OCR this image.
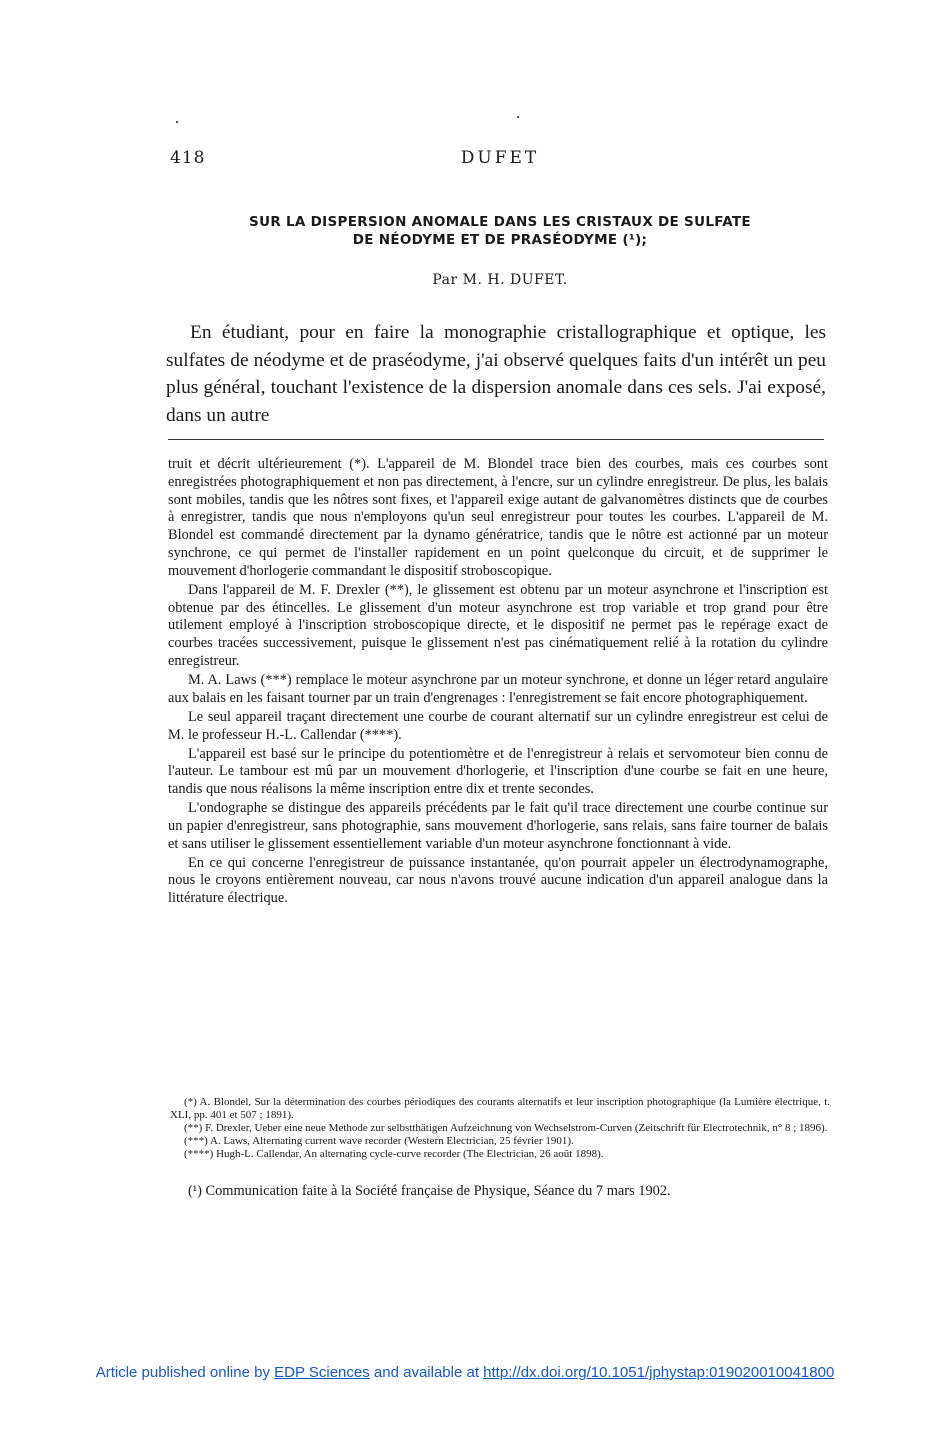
418	DUFET
SUR LA DISPERSION ANOMALE DANS LES CRISTAUX DE SULFATE
DE NÉODYME ET DE PRASÉODYME (¹);
Par M. H. DUFET.

En étudiant, pour en faire la monographie cristallographique et optique, les sulfates de néodyme et de praséodyme, j'ai observé quelques faits d'un intérêt un peu plus général, touchant l'existence de la dispersion anomale dans ces sels. J'ai exposé, dans un autre

truit et décrit ultérieurement (*). L'appareil de M. Blondel trace bien des courbes, mais ces courbes sont enregistrées photographiquement et non pas directement, à l'encre, sur un cylindre enregistreur. De plus, les balais sont mobiles, tandis que les nôtres sont fixes, et l'appareil exige autant de galvanomètres distincts que de courbes à enregistrer, tandis que nous n'employons qu'un seul enregistreur pour toutes les courbes. L'appareil de M. Blondel est commandé directement par la dynamo génératrice, tandis que le nôtre est actionné par un moteur synchrone, ce qui permet de l'installer rapidement en un point quelconque du circuit, et de supprimer le mouvement d'horlogerie commandant le dispositif stroboscopique.

Dans l'appareil de M. F. Drexler (**), le glissement est obtenu par un moteur asynchrone et l'inscription est obtenue par des étincelles. Le glissement d'un moteur asynchrone est trop variable et trop grand pour être utilement employé à l'inscription stroboscopique directe, et le dispositif ne permet pas le repérage exact de courbes tracées successivement, puisque le glissement n'est pas cinématiquement relié à la rotation du cylindre enregistreur.

M. A. Laws (***) remplace le moteur asynchrone par un moteur synchrone, et donne un léger retard angulaire aux balais en les faisant tourner par un train d'engrenages : l'enregistrement se fait encore photographiquement.

Le seul appareil traçant directement une courbe de courant alternatif sur un cylindre enregistreur est celui de M. le professeur H.-L. Callendar (****).

L'appareil est basé sur le principe du potentiomètre et de l'enregistreur à relais et servomoteur bien connu de l'auteur. Le tambour est mû par un mouvement d'horlogerie, et l'inscription d'une courbe se fait en une heure, tandis que nous réalisons la même inscription entre dix et trente secondes.

L'ondographe se distingue des appareils précédents par le fait qu'il trace directement une courbe continue sur un papier d'enregistreur, sans photographie, sans mouvement d'horlogerie, sans relais, sans faire tourner de balais et sans utiliser le glissement essentiellement variable d'un moteur asynchrone fonctionnant à vide.

En ce qui concerne l'enregistreur de puissance instantanée, qu'on pourrait appeler un électrodynamographe, nous le croyons entièrement nouveau, car nous n'avons trouvé aucune indication d'un appareil analogue dans la littérature électrique.

(*) A. Blondel, Sur la détermination des courbes périodiques des courants alternatifs et leur inscription photographique (la Lumière électrique, t. XLI, pp. 401 et 507 ; 1891).

(**) F. Drexler, Ueber eine neue Methode zur selbstthätigen Aufzeichnung von Wechselstrom-Curven (Zeitschrift für Electrotechnik, n° 8 ; 1896).

(***) A. Laws, Alternating current wave recorder (Western Electrician, 25 février 1901).

(****) Hugh-L. Callendar, An alternating cycle-curve recorder (The Electrician, 26 août 1898).

(¹) Communication faite à la Société française de Physique, Séance du 7 mars 1902.

Article published online by EDP Sciences and available at http://dx.doi.org/10.1051/jphystap:019020010041800
